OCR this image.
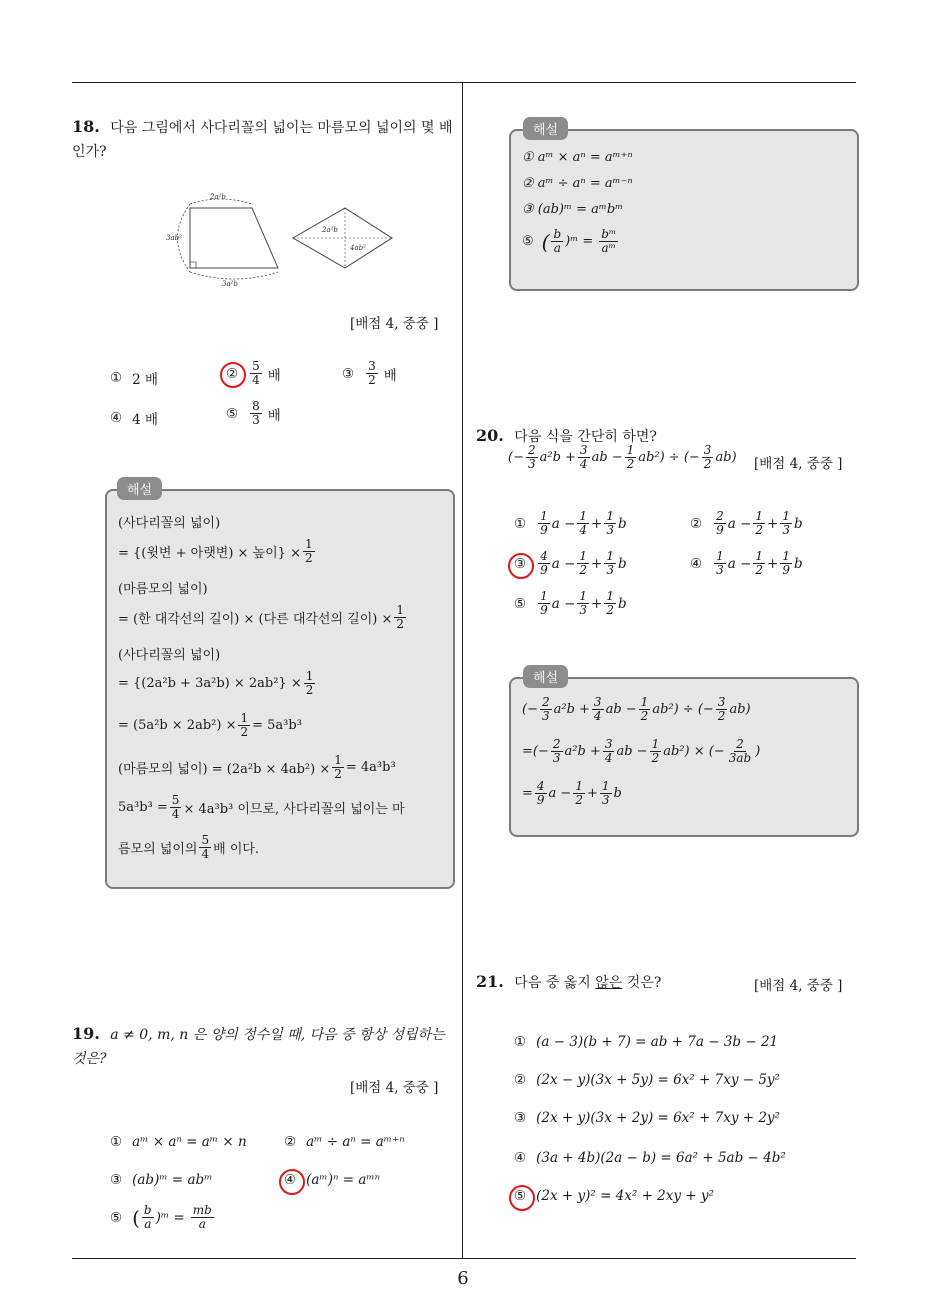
18. 다음 그림에서 사다리꼴의 넓이는 마름모의 넓이의 몇 배 인가?
2a²b
3ab²
3a²b
2a²b
4ab²
[배점 4, 중중 ]
① 2 배	② $\frac{5}{4}$ 배	③ $\frac{3}{2}$ 배
④ 4 배	⑤ $\frac{8}{3}$ 배
해설
(사다리꼴의 넓이)
= {(윗변 + 아랫변) × 높이} × $\frac{1}{2}$
(마름모의 넓이)
= (한 대각선의 길이) × (다른 대각선의 길이) × $\frac{1}{2}$
(사다리꼴의 넓이)
= $\{(2a^2b + 3a^2b) \times 2ab^2\} \times \frac{1}{2}$
= $(5a^2b \times 2ab^2) \times \frac{1}{2} = 5a^3b^3$
(마름모의 넓이) = $(2a^2b \times 4ab^2) \times \frac{1}{2} = 4a^3b^3$
$5a^3b^3 = \frac{5}{4} \times 4a^3b^3$ 이므로, 사다리꼴의 넓이는 마
름모의 넓이의 $\frac{5}{4}$ 배 이다.
19. a ≠ 0, m, n 은 양의 정수일 때, 다음 중 항상 성립하는 것은?
[배점 4, 중중 ]
① aᵐ × aⁿ = aᵐ × n	② aᵐ ÷ aⁿ = aᵐ⁺ⁿ
③ (ab)ᵐ = abᵐ	④ (aᵐ)ⁿ = aᵐⁿ
⑤ ( $\frac{b}{a}$ )ᵐ = $\frac{mb}{a}$
해설
① aᵐ × aⁿ = aᵐ⁺ⁿ
② aᵐ ÷ aⁿ = aᵐ⁻ⁿ
③ (ab)ᵐ = aᵐbᵐ
⑤ ( $\frac{b}{a}$ )ᵐ = $\frac{\text{bᵐ}}{\text{aᵐ}}$
20. 다음 식을 간단히 하면?
(− $\frac{2}{3} a^2b + \frac{3}{4}$ ab − $\frac{1}{2} ab^2$) ÷ (− $\frac{3}{2} ab$) [배점 4, 중중 ]
① $\frac{1}{9}$ $a - \frac{1}{4} + \frac{1}{3}$ b	② $\frac{2}{9}$ $a - \frac{1}{2} + \frac{1}{3}$ b
③ $\frac{4}{9}$ $a - \frac{1}{2} + \frac{1}{3}$ b	④ $\frac{1}{3}$ $a - \frac{1}{2} + \frac{1}{9}$ b
⑤ $\frac{1}{9}$ $a - \frac{1}{3} + \frac{1}{2}$ b
해설
(− $\frac{2}{3} a^2b + \frac{3}{4}$ ab − $\frac{1}{2} ab^2$) ÷ (− $\frac{3}{2} ab$)
= (− $\frac{2}{3} a^2b + \frac{3}{4}$ ab − $\frac{1}{2} ab^2$) × (− $\frac{2}{3ab}$ )
= $\frac{4}{9}$ $a - \frac{1}{2} + \frac{1}{3}$ b
21. 다음 중 옳지 않은 것은?	[배점 4, 중중 ]
① (a − 3)(b + 7) = ab + 7a − 3b − 21
② (2x − y)(3x + 5y) = 6x² + 7xy − 5y²
③ (2x + y)(3x + 2y) = 6x² + 7xy + 2y²
④ (3a + 4b)(2a − b) = 6a² + 5ab − 4b²
⑤ (2x + y)² = 4x² + 2xy + y²
6
